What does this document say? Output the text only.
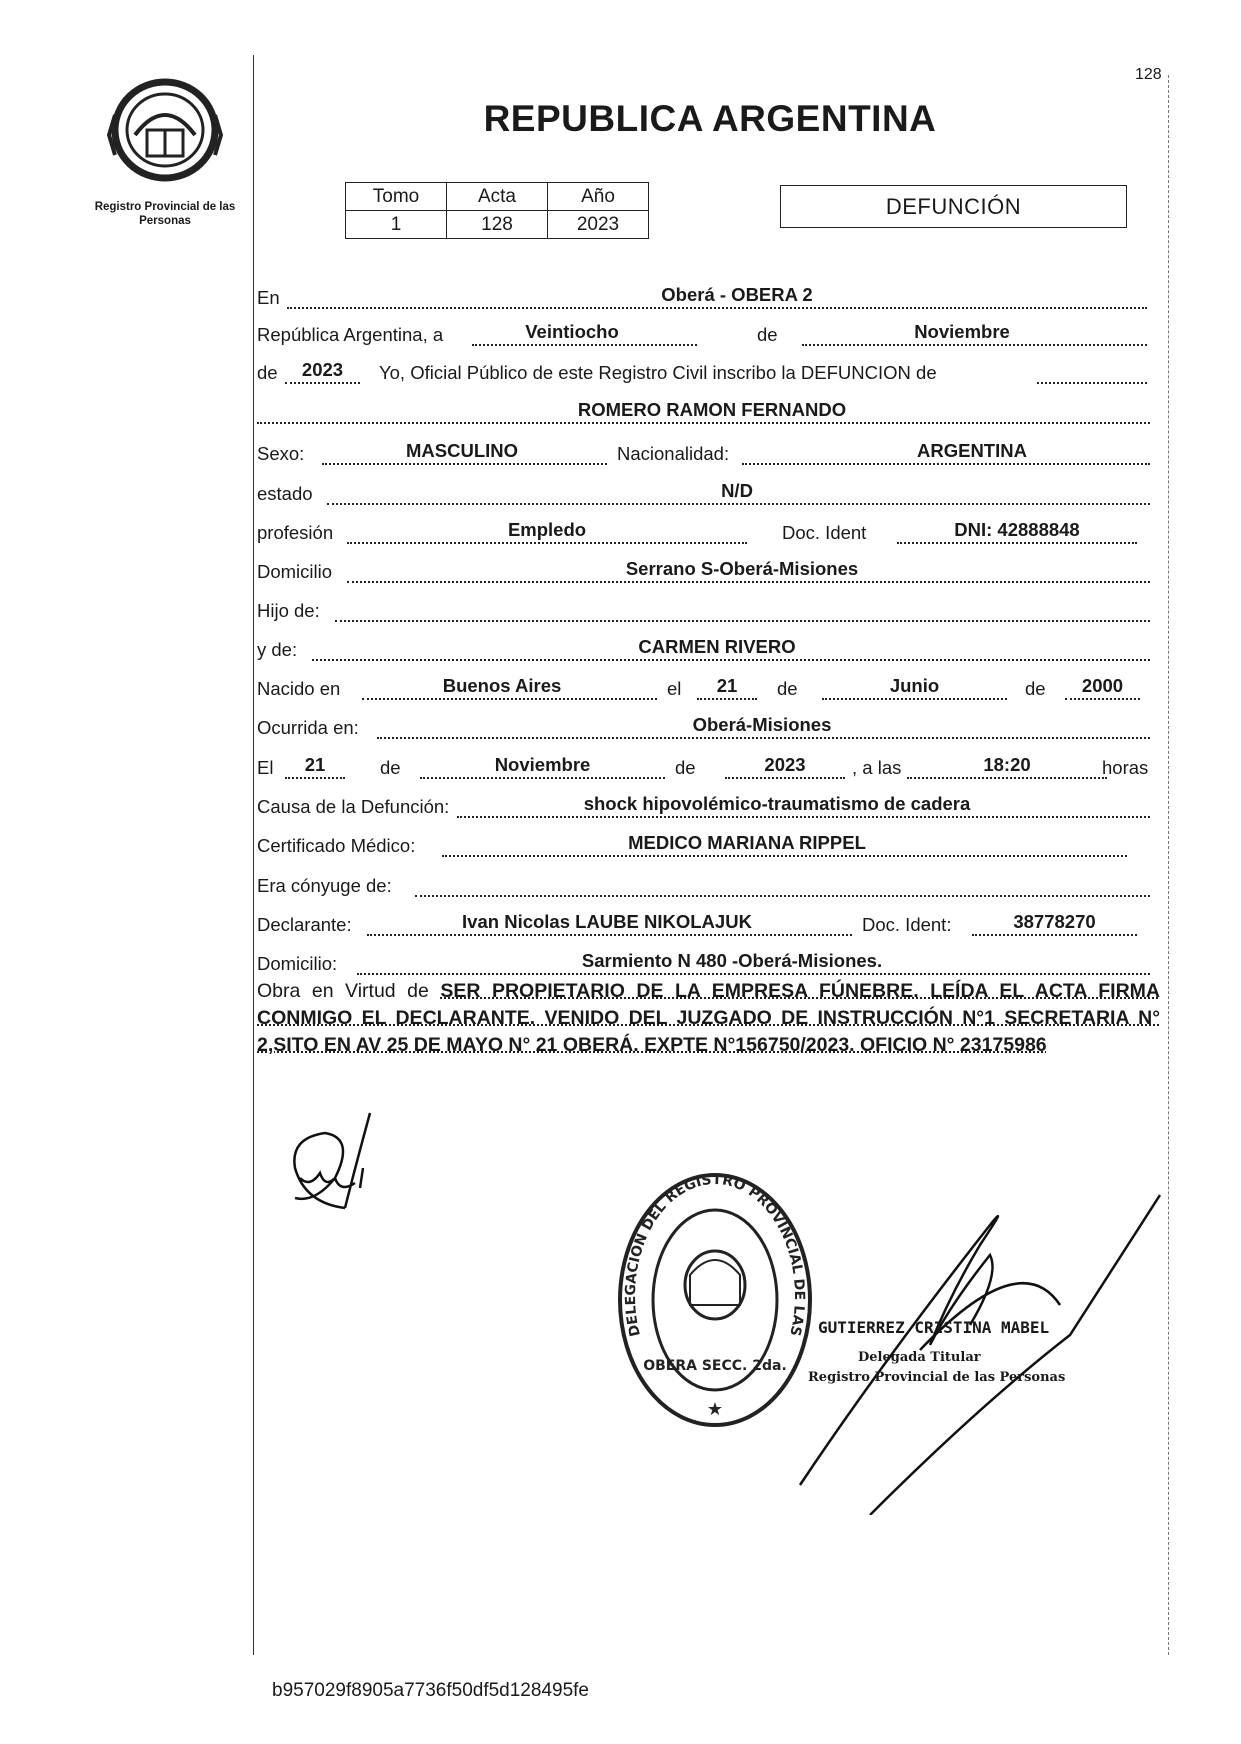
Registro Provincial de las Personas
128
REPUBLICA ARGENTINA
Tomo	Acta	Año
1	128	2023
DEFUNCIÓN
En	Oberá - OBERA 2
República Argentina, a	Veintiocho	de	Noviembre
de	2023	Yo, Oficial Público de este Registro Civil inscribo la DEFUNCION de
ROMERO RAMON FERNANDO
Sexo:	MASCULINO	Nacionalidad:	ARGENTINA
estado	N/D
profesión	Empledo	Doc. Ident	DNI: 42888848
Domicilio	Serrano S-Oberá-Misiones
Hijo de:
y de:	CARMEN RIVERO
Nacido en	Buenos Aires	el	21	de	Junio	de	2000
Ocurrida en:	Oberá-Misiones
El	21	de	Noviembre	de	2023	, a las	18:20	horas
Causa de la Defunción:	shock hipovolémico-traumatismo de cadera
Certificado Médico:	MEDICO MARIANA RIPPEL
Era cónyuge de:
Declarante:	Ivan Nicolas LAUBE NIKOLAJUK	Doc. Ident:	38778270
Domicilio:	Sarmiento N 480 -Oberá-Misiones.
Obra en Virtud de SER PROPIETARIO DE LA EMPRESA FÚNEBRE. LEÍDA EL ACTA FIRMA CONMIGO EL DECLARANTE. VENIDO DEL JUZGADO DE INSTRUCCIÓN N°1 SECRETARIA N° 2,SITO EN AV 25 DE MAYO N° 21 OBERÁ. EXPTE N°156750/2023. OFICIO N° 23175986
DELEGACION DEL REGISTRO PROVINCIAL DE LAS
OBERA SECC. 2da.
★
GUTIERREZ CRISTINA MABEL
Delegada Titular
Registro Provincial de las Personas
b957029f8905a7736f50df5d128495fe
